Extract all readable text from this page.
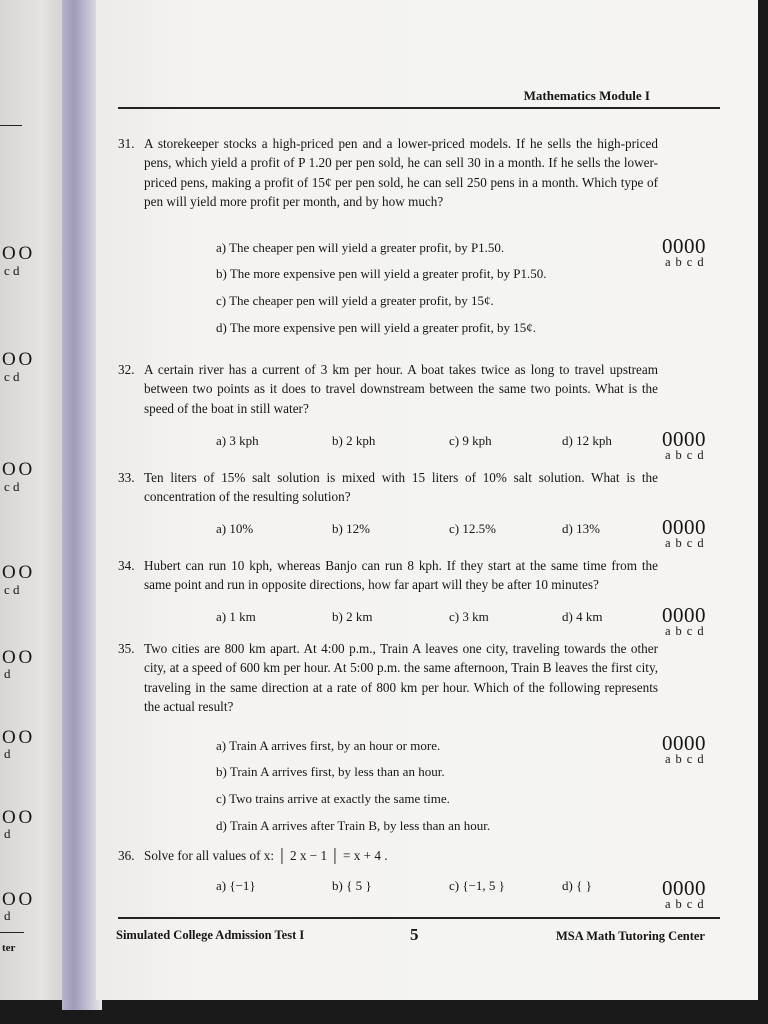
O O
c d
O O
c d
O O
c d
O O
c d
O O
d
O O
d
O O
d
O O
d
ter
Mathematics Module I
31. A storekeeper stocks a high-priced pen and a lower-priced models. If he sells the high-priced pens, which yield a profit of P 1.20 per pen sold, he can sell 30 in a month. If he sells the lower-priced pens, making a profit of 15¢ per pen sold, he can sell 250 pens in a month. Which type of pen will yield more profit per month, and by how much?
a) The cheaper pen will yield a greater profit, by P1.50.
b) The more expensive pen will yield a greater profit, by P1.50.
c) The cheaper pen will yield a greater profit, by 15¢.
d) The more expensive pen will yield a greater profit, by 15¢.
0000
abcd
32. A certain river has a current of 3 km per hour. A boat takes twice as long to travel upstream between two points as it does to travel downstream between the same two points. What is the speed of the boat in still water?
a) 3 kph	b) 2 kph	c) 9 kph	d) 12 kph 0000
abcd
33. Ten liters of 15% salt solution is mixed with 15 liters of 10% salt solution. What is the concentration of the resulting solution?
a) 10%	b) 12%	c) 12.5%	d) 13%	0000
abcd
34. Hubert can run 10 kph, whereas Banjo can run 8 kph. If they start at the same time from the same point and run in opposite directions, how far apart will they be after 10 minutes?
a) 1 km	b) 2 km	c) 3 km	d) 4 km	0000
abcd
35. Two cities are 800 km apart. At 4:00 p.m., Train A leaves one city, traveling towards the other city, at a speed of 600 km per hour. At 5:00 p.m. the same afternoon, Train B leaves the first city, traveling in the same direction at a rate of 800 km per hour. Which of the following represents the actual result?
a) Train A arrives first, by an hour or more.
b) Train A arrives first, by less than an hour.
c) Two trains arrive at exactly the same time.
d) Train A arrives after Train B, by less than an hour.
0000
abcd
36. Solve for all values of x: │ 2 x − 1 │ = x + 4 .
a) {−1}	b) { 5 }	c) {−1, 5 }	d) { }	0000
abcd
Simulated College Admission Test I	5	MSA Math Tutoring Center
